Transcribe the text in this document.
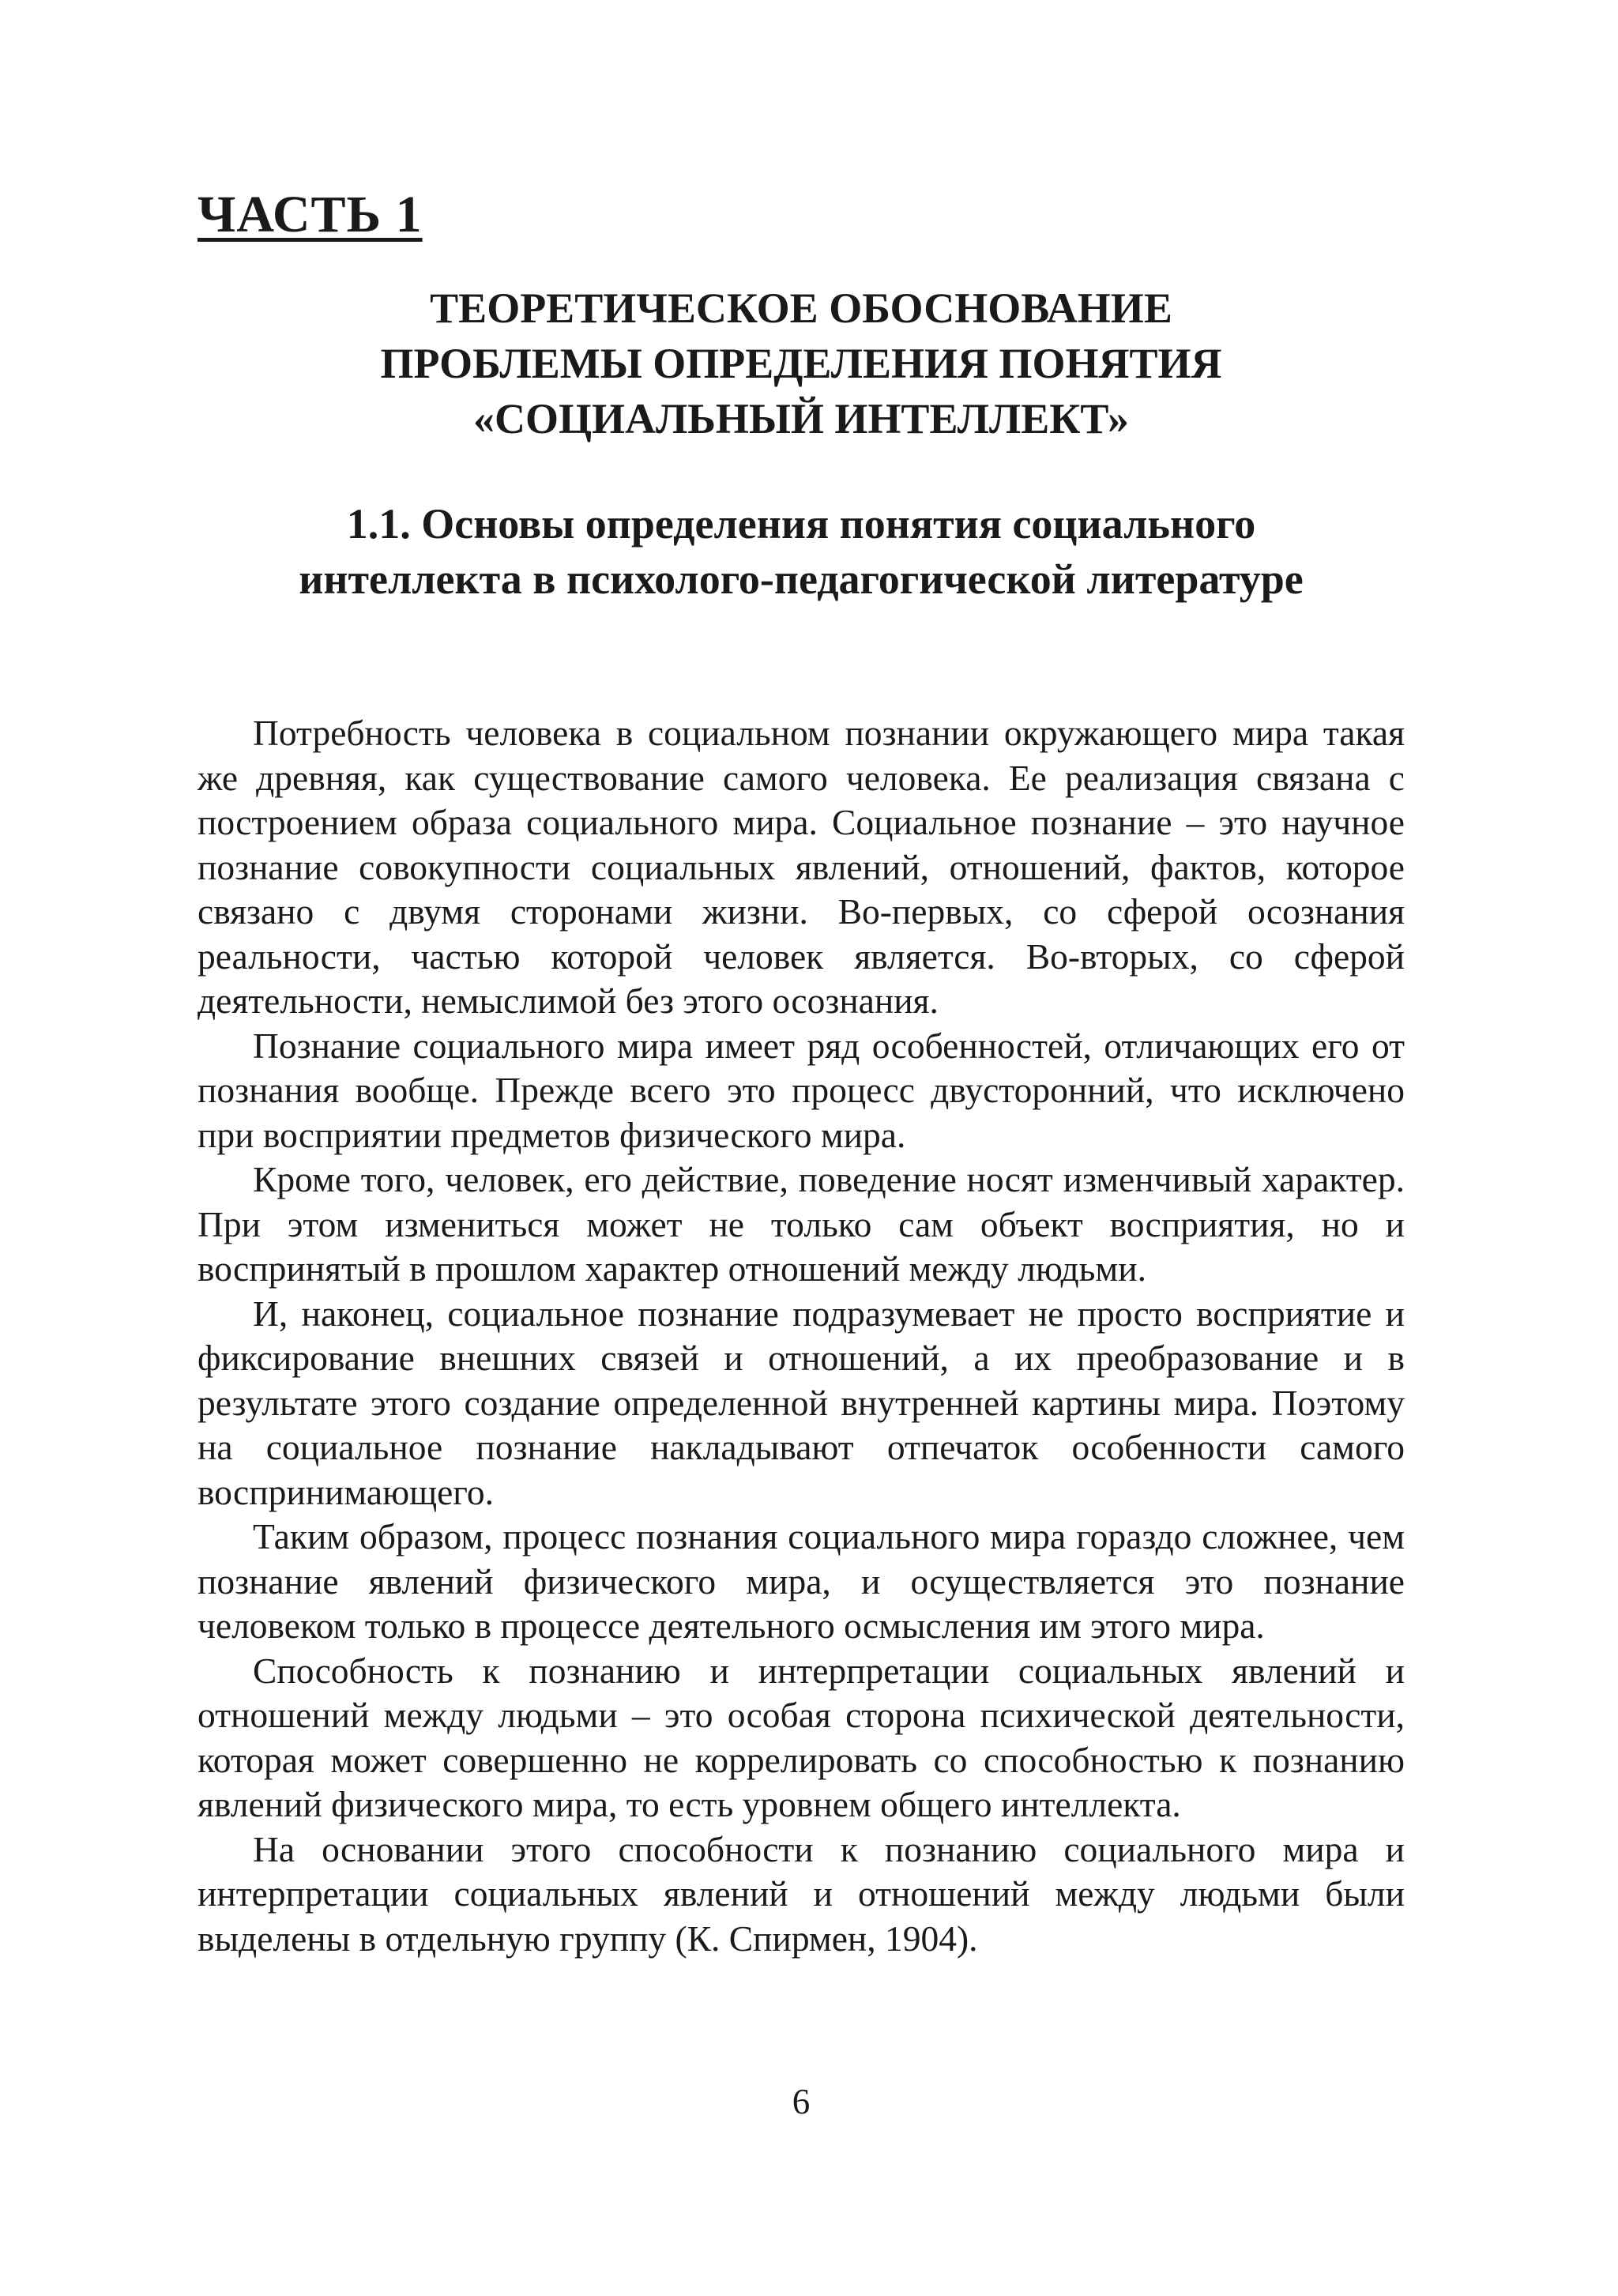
ЧАСТЬ 1
ТЕОРЕТИЧЕСКОЕ ОБОСНОВАНИЕ
ПРОБЛЕМЫ ОПРЕДЕЛЕНИЯ ПОНЯТИЯ
«СОЦИАЛЬНЫЙ ИНТЕЛЛЕКТ»
1.1. Основы определения понятия социального
интеллекта в психолого-педагогической литературе

Потребность человека в социальном познании окружающего мира такая же древняя, как существование самого человека. Ее реализация связана с построением образа социального мира. Социальное познание – это научное познание совокупности социальных явлений, отношений, фактов, которое связано с двумя сторонами жизни. Во-первых, со сферой осознания реальности, частью которой человек является. Во-вторых, со сферой деятельности, немыслимой без этого осознания.

Познание социального мира имеет ряд особенностей, отличающих его от познания вообще. Прежде всего это процесс двусторонний, что исключено при восприятии предметов физического мира.

Кроме того, человек, его действие, поведение носят изменчивый характер. При этом измениться может не только сам объект восприятия, но и воспринятый в прошлом характер отношений между людьми.

И, наконец, социальное познание подразумевает не просто восприятие и фиксирование внешних связей и отношений, а их преобразование и в результате этого создание определенной внутренней картины мира. Поэтому на социальное познание накладывают отпечаток особенности самого воспринимающего.

Таким образом, процесс познания социального мира гораздо сложнее, чем познание явлений физического мира, и осуществляется это познание человеком только в процессе деятельного осмысления им этого мира.

Способность к познанию и интерпретации социальных явлений и отношений между людьми – это особая сторона психической деятельности, которая может совершенно не коррелировать со способностью к познанию явлений физического мира, то есть уровнем общего интеллекта.

На основании этого способности к познанию социального мира и интерпретации социальных явлений и отношений между людьми были выделены в отдельную группу (К. Спирмен, 1904).

6
